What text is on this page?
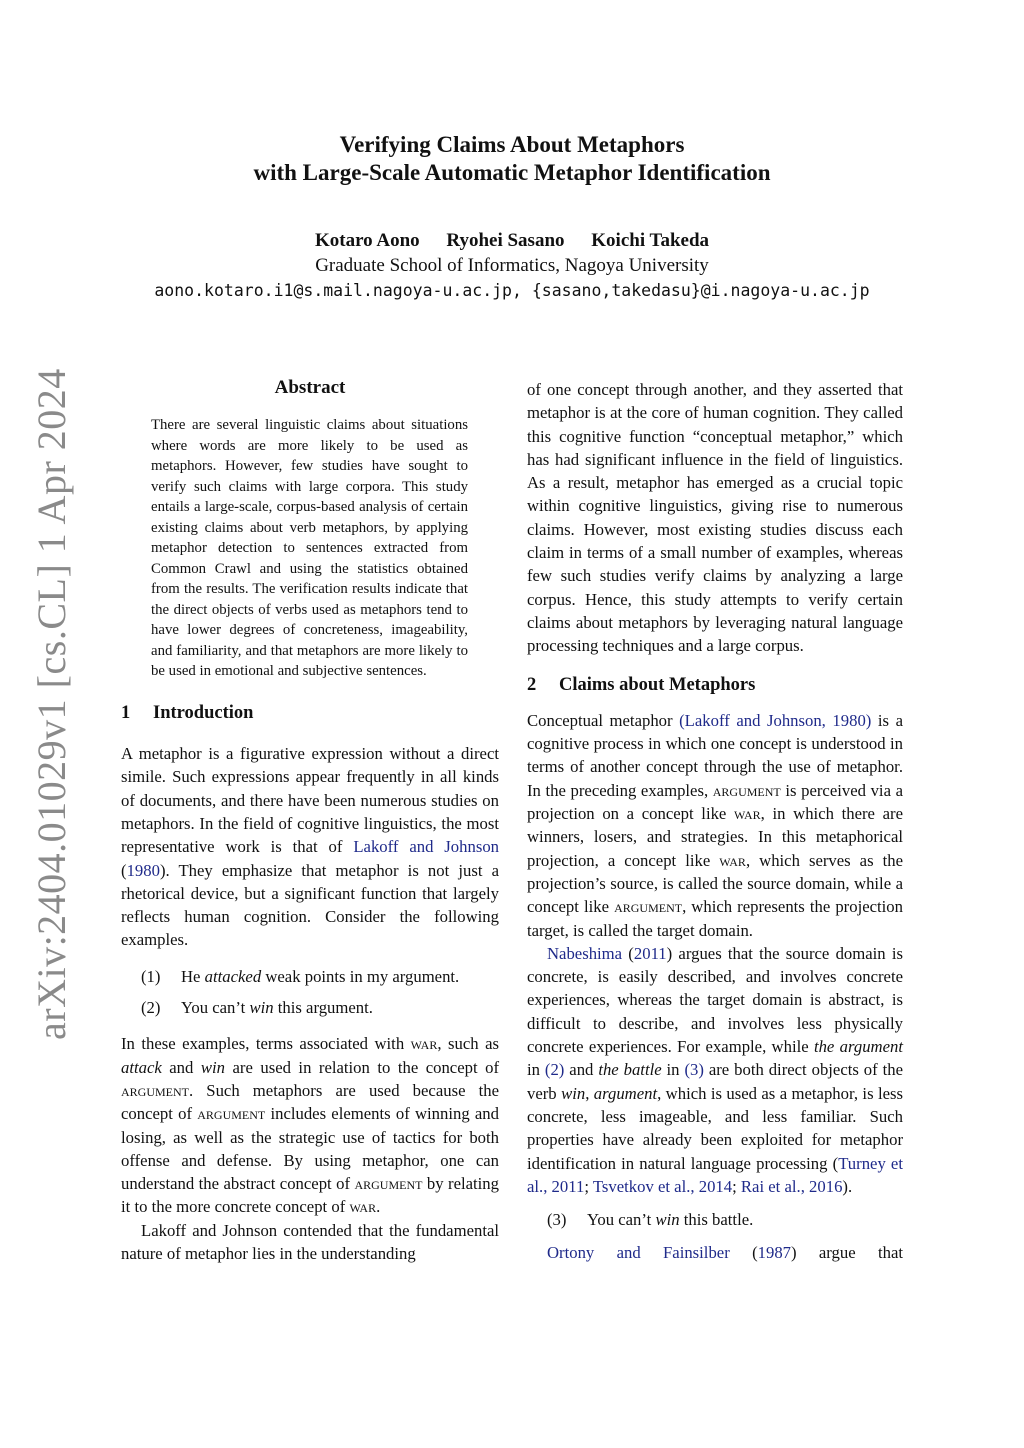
arXiv:2404.01029v1 [cs.CL] 1 Apr 2024
Verifying Claims About Metaphors
with Large-Scale Automatic Metaphor Identification
Kotaro Aono Ryohei Sasano Koichi Takeda
Graduate School of Informatics, Nagoya University
aono.kotaro.i1@s.mail.nagoya-u.ac.jp, {sasano,takedasu}@i.nagoya-u.ac.jp
Abstract

There are several linguistic claims about situations where words are more likely to be used as metaphors. However, few studies have sought to verify such claims with large corpora. This study entails a large-scale, corpus-based analysis of certain existing claims about verb metaphors, by applying metaphor detection to sentences extracted from Common Crawl and using the statistics obtained from the results. The verification results indicate that the direct objects of verbs used as metaphors tend to have lower degrees of concreteness, imageability, and familiarity, and that metaphors are more likely to be used in emotional and subjective sentences.

1 Introduction

A metaphor is a figurative expression without a direct simile. Such expressions appear frequently in all kinds of documents, and there have been numerous studies on metaphors. In the field of cognitive linguistics, the most representative work is that of Lakoff and Johnson (1980). They emphasize that metaphor is not just a rhetorical device, but a significant function that largely reflects human cognition. Consider the following examples.

(1)	He attacked weak points in my argument.
(2)	You can’t win this argument.

In these examples, terms associated with war, such as attack and win are used in relation to the concept of argument. Such metaphors are used because the concept of argument includes elements of winning and losing, as well as the strategic use of tactics for both offense and defense. By using metaphor, one can understand the abstract concept of argument by relating it to the more concrete concept of war.

Lakoff and Johnson contended that the fundamental nature of metaphor lies in the understanding

of one concept through another, and they asserted that metaphor is at the core of human cognition. They called this cognitive function “conceptual metaphor,” which has had significant influence in the field of linguistics. As a result, metaphor has emerged as a crucial topic within cognitive linguistics, giving rise to numerous claims. However, most existing studies discuss each claim in terms of a small number of examples, whereas few such studies verify claims by analyzing a large corpus. Hence, this study attempts to verify certain claims about metaphors by leveraging natural language processing techniques and a large corpus.

2 Claims about Metaphors

Conceptual metaphor (Lakoff and Johnson, 1980) is a cognitive process in which one concept is understood in terms of another concept through the use of metaphor. In the preceding examples, argument is perceived via a projection on a concept like war, in which there are winners, losers, and strategies. In this metaphorical projection, a concept like war, which serves as the projection’s source, is called the source domain, while a concept like argument, which represents the projection target, is called the target domain.

Nabeshima (2011) argues that the source domain is concrete, is easily described, and involves concrete experiences, whereas the target domain is abstract, is difficult to describe, and involves less physically concrete experiences. For example, while the argument in (2) and the battle in (3) are both direct objects of the verb win, argument, which is used as a metaphor, is less concrete, less imageable, and less familiar. Such properties have already been exploited for metaphor identification in natural language processing (Turney et al., 2011; Tsvetkov et al., 2014; Rai et al., 2016).

(3)	You can’t win this battle.

Ortony and Fainsilber (1987) argue that
